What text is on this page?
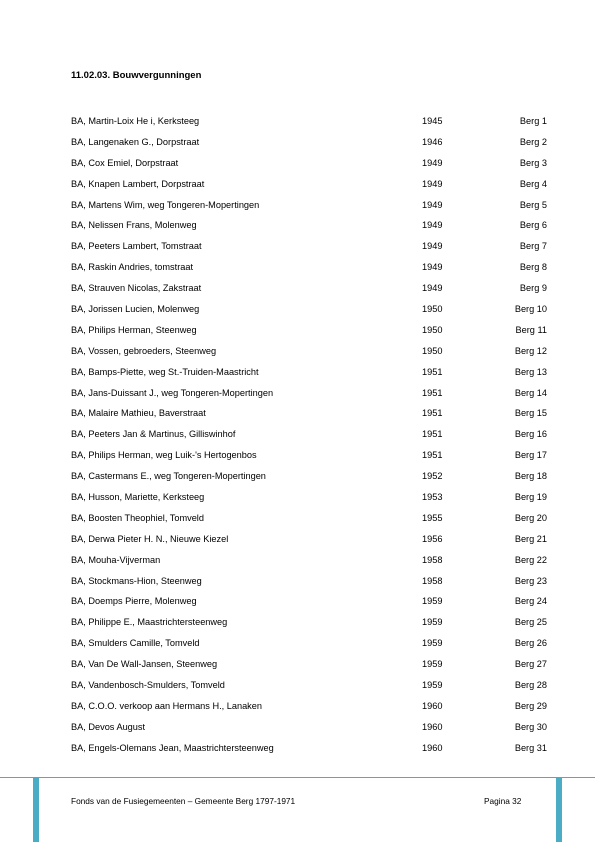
11.02.03. Bouwvergunningen
BA, Martin-Loix He i, Kerksteeg	1945	Berg 1
BA, Langenaken G., Dorpstraat	1946	Berg 2
BA, Cox Emiel, Dorpstraat	1949	Berg 3
BA, Knapen Lambert, Dorpstraat	1949	Berg 4
BA, Martens Wim, weg Tongeren-Mopertingen	1949	Berg 5
BA, Nelissen Frans, Molenweg	1949	Berg 6
BA, Peeters Lambert, Tomstraat	1949	Berg 7
BA, Raskin Andries, tomstraat	1949	Berg 8
BA, Strauven Nicolas, Zakstraat	1949	Berg 9
BA, Jorissen Lucien, Molenweg	1950	Berg 10
BA, Philips Herman, Steenweg	1950	Berg 11
BA, Vossen, gebroeders, Steenweg	1950	Berg 12
BA, Bamps-Piette, weg St.-Truiden-Maastricht	1951	Berg 13
BA, Jans-Duissant J., weg Tongeren-Mopertingen	1951	Berg 14
BA, Malaire Mathieu, Baverstraat	1951	Berg 15
BA, Peeters Jan & Martinus, Gilliswinhof	1951	Berg 16
BA, Philips Herman, weg Luik-'s Hertogenbos	1951	Berg 17
BA, Castermans E., weg Tongeren-Mopertingen	1952	Berg 18
BA, Husson, Mariette, Kerksteeg	1953	Berg 19
BA, Boosten Theophiel, Tomveld	1955	Berg 20
BA, Derwa Pieter H. N., Nieuwe Kiezel	1956	Berg 21
BA, Mouha-Vijverman	1958	Berg 22
BA, Stockmans-Hion, Steenweg	1958	Berg 23
BA, Doemps Pierre, Molenweg	1959	Berg 24
BA, Philippe E., Maastrichtersteenweg	1959	Berg 25
BA, Smulders Camille, Tomveld	1959	Berg 26
BA, Van De Wall-Jansen, Steenweg	1959	Berg 27
BA, Vandenbosch-Smulders, Tomveld	1959	Berg 28
BA, C.O.O. verkoop aan Hermans H., Lanaken	1960	Berg 29
BA, Devos August	1960	Berg 30
BA, Engels-Olemans Jean, Maastrichtersteenweg	1960	Berg 31
Fonds van de Fusiegemeenten – Gemeente Berg 1797-1971	Pagina 32
